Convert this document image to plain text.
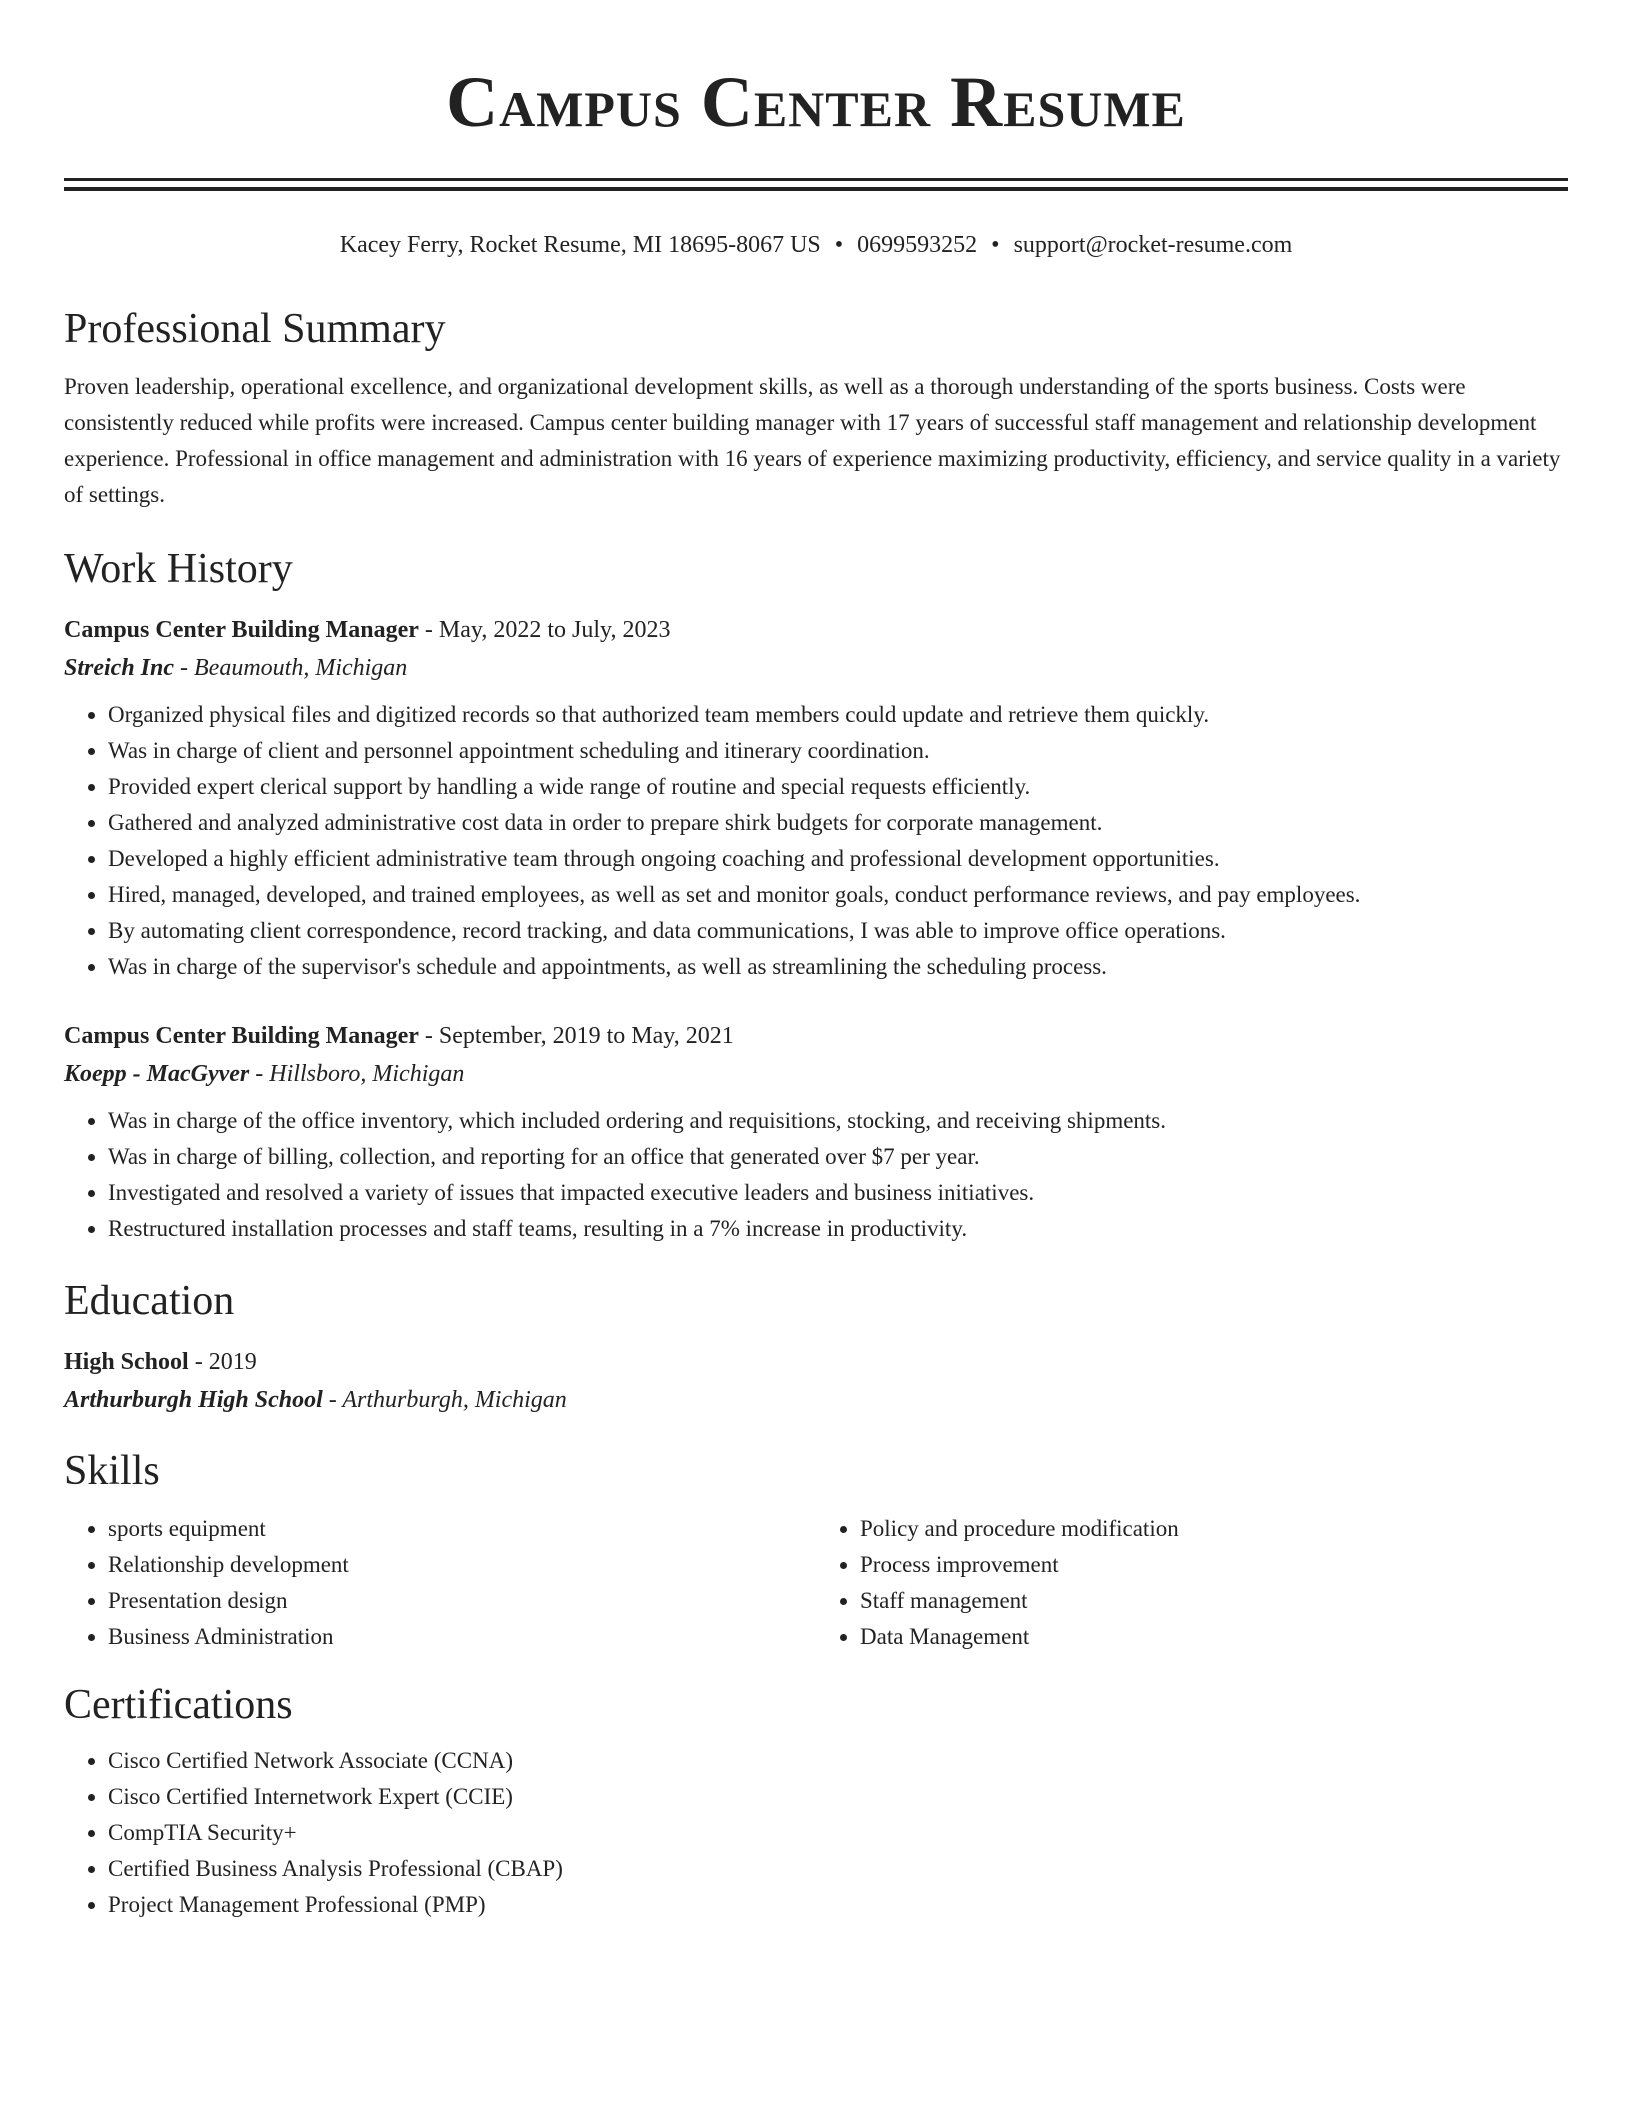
Campus Center Resume
Kacey Ferry, Rocket Resume, MI 18695-8067 US • 0699593252 • support@rocket-resume.com
Professional Summary
Proven leadership, operational excellence, and organizational development skills, as well as a thorough understanding of the sports business. Costs were consistently reduced while profits were increased. Campus center building manager with 17 years of successful staff management and relationship development experience. Professional in office management and administration with 16 years of experience maximizing productivity, efficiency, and service quality in a variety of settings.
Work History
Campus Center Building Manager - May, 2022 to July, 2023
Streich Inc - Beaumouth, Michigan
• Organized physical files and digitized records so that authorized team members could update and retrieve them quickly.
• Was in charge of client and personnel appointment scheduling and itinerary coordination.
• Provided expert clerical support by handling a wide range of routine and special requests efficiently.
• Gathered and analyzed administrative cost data in order to prepare shirk budgets for corporate management.
• Developed a highly efficient administrative team through ongoing coaching and professional development opportunities.
• Hired, managed, developed, and trained employees, as well as set and monitor goals, conduct performance reviews, and pay employees.
• By automating client correspondence, record tracking, and data communications, I was able to improve office operations.
• Was in charge of the supervisor's schedule and appointments, as well as streamlining the scheduling process.
Campus Center Building Manager - September, 2019 to May, 2021
Koepp - MacGyver - Hillsboro, Michigan
• Was in charge of the office inventory, which included ordering and requisitions, stocking, and receiving shipments.
• Was in charge of billing, collection, and reporting for an office that generated over $7 per year.
• Investigated and resolved a variety of issues that impacted executive leaders and business initiatives.
• Restructured installation processes and staff teams, resulting in a 7% increase in productivity.
Education
High School - 2019
Arthurburgh High School - Arthurburgh, Michigan
Skills
• sports equipment
• Relationship development
• Presentation design
• Business Administration
• Policy and procedure modification
• Process improvement
• Staff management
• Data Management
Certifications
• Cisco Certified Network Associate (CCNA)
• Cisco Certified Internetwork Expert (CCIE)
• CompTIA Security+
• Certified Business Analysis Professional (CBAP)
• Project Management Professional (PMP)
